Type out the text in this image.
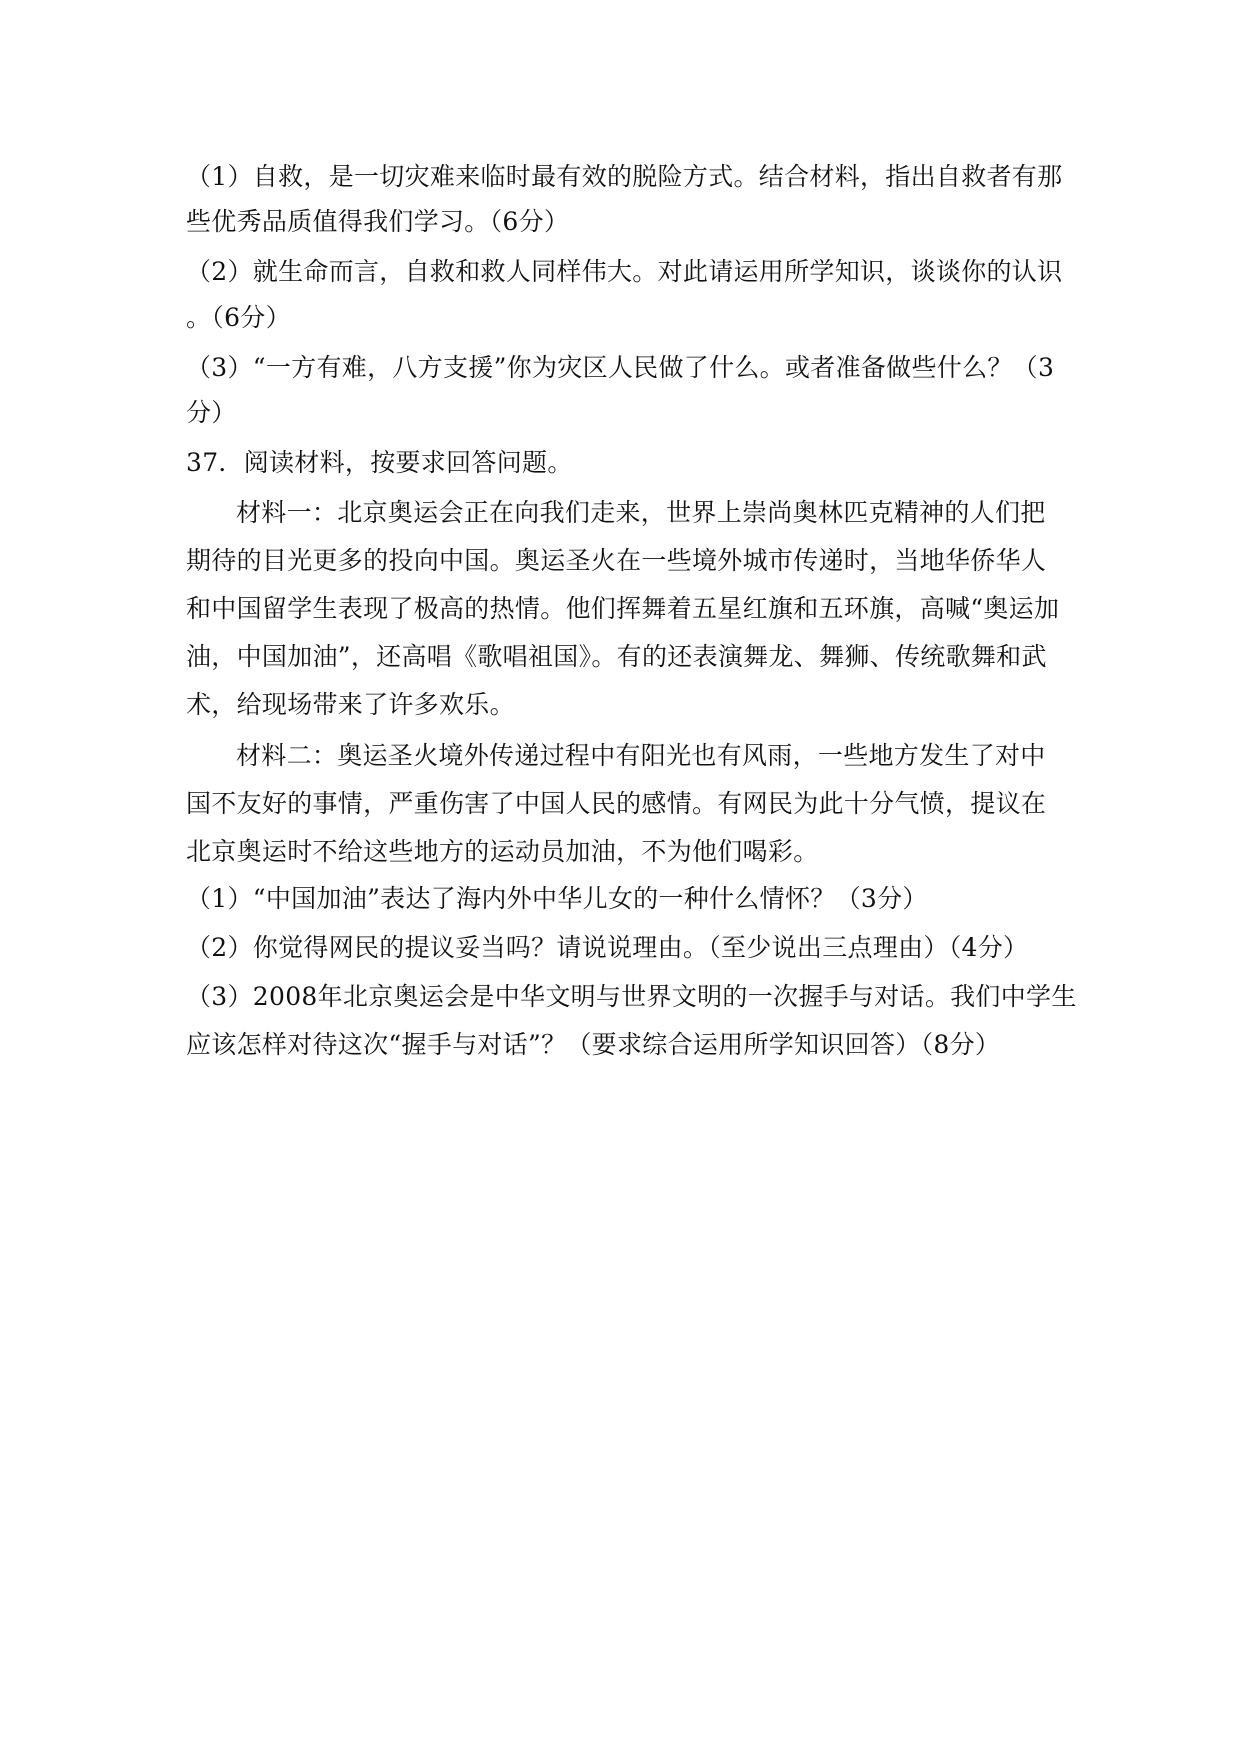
（1）自救，是一切灾难来临时最有效的脱险方式。结合材料，指出自救者有那
些优秀品质值得我们学习。（6分）
（2）就生命而言，自救和救人同样伟大。对此请运用所学知识，谈谈你的认识
。（6分）
（3）“一方有难，八方支援”你为灾区人民做了什么。或者准备做些什么？（3
分）
37．阅读材料，按要求回答问题。
材料一：北京奥运会正在向我们走来，世界上崇尚奥林匹克精神的人们把
期待的目光更多的投向中国。奥运圣火在一些境外城市传递时，当地华侨华人
和中国留学生表现了极高的热情。他们挥舞着五星红旗和五环旗，高喊“奥运加
油，中国加油”，还高唱《歌唱祖国》。有的还表演舞龙、舞狮、传统歌舞和武
术，给现场带来了许多欢乐。
材料二：奥运圣火境外传递过程中有阳光也有风雨，一些地方发生了对中
国不友好的事情，严重伤害了中国人民的感情。有网民为此十分气愤，提议在
北京奥运时不给这些地方的运动员加油，不为他们喝彩。
（1）“中国加油”表达了海内外中华儿女的一种什么情怀？（3分）
（2）你觉得网民的提议妥当吗？请说说理由。（至少说出三点理由）（4分）
（3）2008年北京奥运会是中华文明与世界文明的一次握手与对话。我们中学生
应该怎样对待这次“握手与对话”？（要求综合运用所学知识回答）（8分）
